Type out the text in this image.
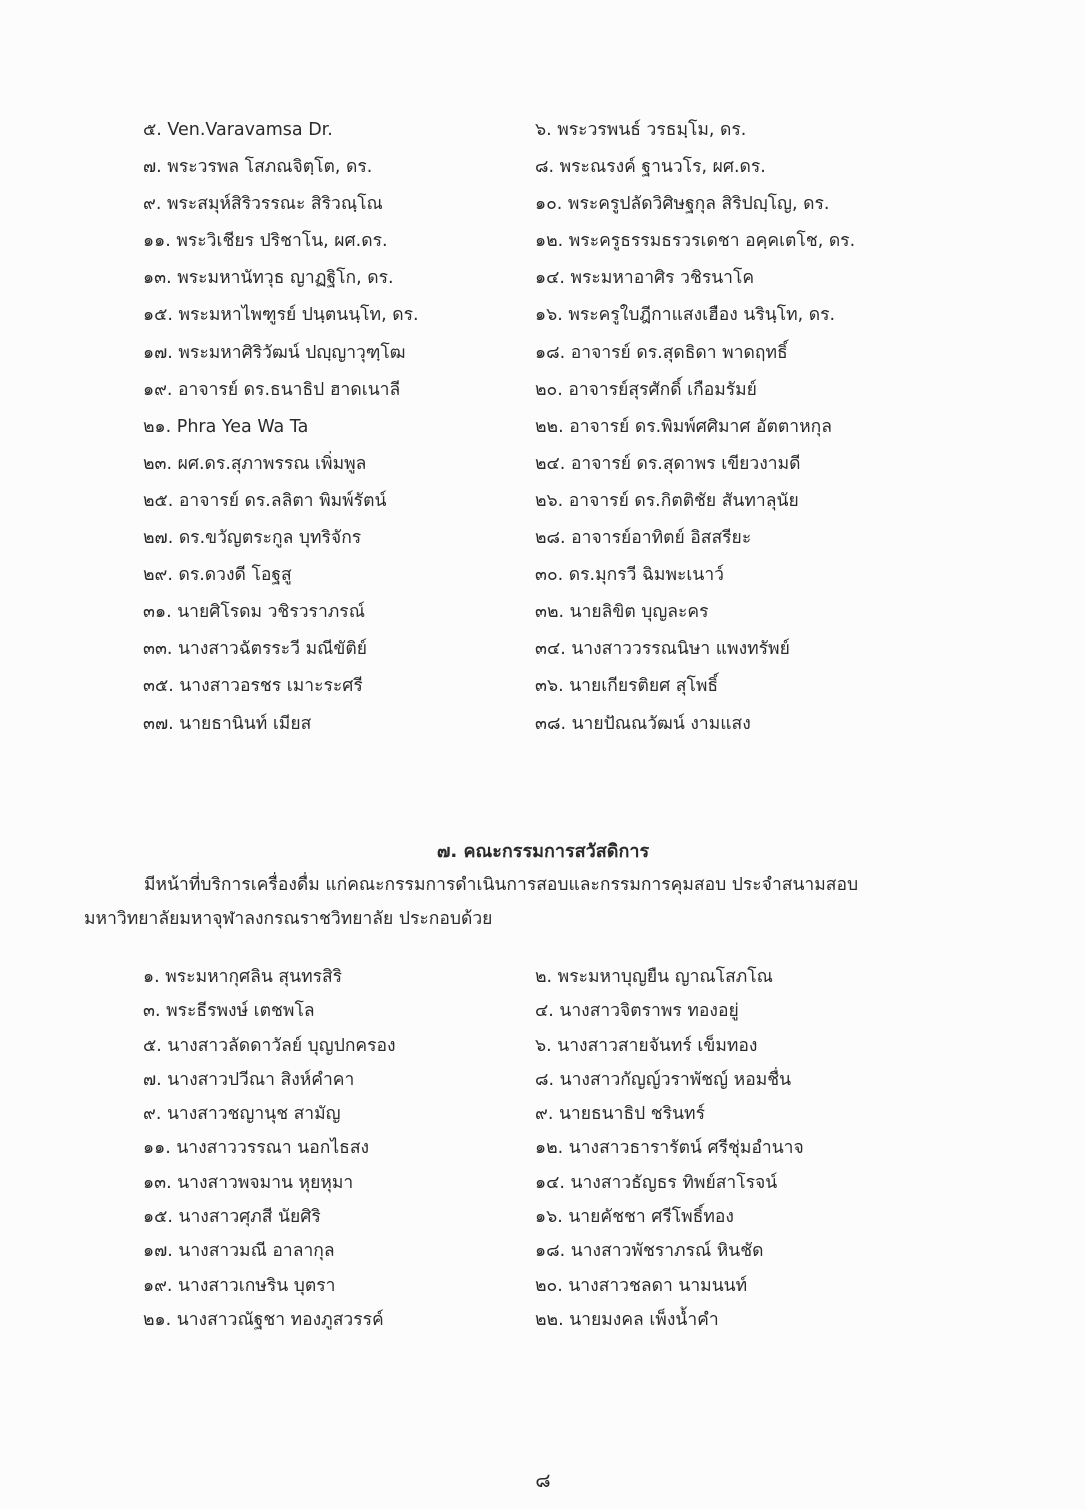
๕. Ven.Varavamsa Dr.	๖. พระวรพนธ์ วรธมฺโม, ดร.
๗. พระวรพล โสภณจิตฺโต, ดร.	๘. พระณรงค์ ฐานวโร, ผศ.ดร.
๙. พระสมุห์สิริวรรณะ สิริวณฺโณ	๑๐. พระครูปลัดวิศิษฐกุล สิริปญฺโญ, ดร.
๑๑. พระวิเชียร ปริชาโน, ผศ.ดร.	๑๒. พระครูธรรมธรวรเดชา อคฺคเตโช, ดร.
๑๓. พระมหานัทวุธ ญาฏฐิโก, ดร.	๑๔. พระมหาอาศิร วชิรนาโค
๑๕. พระมหาไพฑูรย์ ปนฺตนนฺโท, ดร.	๑๖. พระครูใบฎีกาแสงเฮือง นรินฺโท, ดร.
๑๗. พระมหาศิริวัฒน์ ปญฺญาวุฑฺโฒ	๑๘. อาจารย์ ดร.สุดธิดา พาดฤทธิ์
๑๙. อาจารย์ ดร.ธนาธิป ฮาดเนาลี	๒๐. อาจารย์สุรศักดิ์ เกือมรัมย์
๒๑. Phra Yea Wa Ta	๒๒. อาจารย์ ดร.พิมพ์ศศิมาศ อัตตาหกุล
๒๓. ผศ.ดร.สุภาพรรณ เพิ่มพูล	๒๔. อาจารย์ ดร.สุดาพร เขียวงามดี
๒๕. อาจารย์ ดร.ลลิตา พิมพ์รัตน์	๒๖. อาจารย์ ดร.กิตติชัย สันทาลุนัย
๒๗. ดร.ขวัญตระกูล บุทริจักร	๒๘. อาจารย์อาทิตย์ อิสสรียะ
๒๙. ดร.ดวงดี โอฐสู	๓๐. ดร.มุกรวี ฉิมพะเนาว์
๓๑. นายศิโรดม วชิรวราภรณ์	๓๒. นายลิขิต บุญละคร
๓๓. นางสาวฉัตรระวี มณีขัติย์	๓๔. นางสาววรรณนิษา แพงทรัพย์
๓๕. นางสาวอรชร เมาะระศรี	๓๖. นายเกียรติยศ สุโพธิ์
๓๗. นายธานินท์ เมียส	๓๘. นายปัณณวัฒน์ งามแสง
๗. คณะกรรมการสวัสดิการ
มีหน้าที่บริการเครื่องดื่ม แก่คณะกรรมการดำเนินการสอบและกรรมการคุมสอบ ประจำสนามสอบ
มหาวิทยาลัยมหาจุฬาลงกรณราชวิทยาลัย ประกอบด้วย
๑. พระมหากุศลิน สุนทรสิริ	๒. พระมหาบุญยืน ญาณโสภโณ
๓. พระธีรพงษ์ เตชพโล	๔. นางสาวจิตราพร ทองอยู่
๕. นางสาวลัดดาวัลย์ บุญปกครอง	๖. นางสาวสายจันทร์ เข็มทอง
๗. นางสาวปวีณา สิงห์คำคา	๘. นางสาวกัญญ์วราพัชญ์ หอมชื่น
๙. นางสาวชญานุช สามัญ	๙. นายธนาธิป ชรินทร์
๑๑. นางสาววรรณา นอกไธสง	๑๒. นางสาวธารารัตน์ ศรีชุ่มอำนาจ
๑๓. นางสาวพจมาน หุยหุมา	๑๔. นางสาวธัญธร ทิพย์สาโรจน์
๑๕. นางสาวศุภสี นัยศิริ	๑๖. นายคัชชา ศรีโพธิ์ทอง
๑๗. นางสาวมณี อาลากุล	๑๘. นางสาวพัชราภรณ์ หินชัด
๑๙. นางสาวเกษริน บุตรา	๒๐. นางสาวชลดา นามนนท์
๒๑. นางสาวณัฐชา ทองภูสวรรค์	๒๒. นายมงคล เพ็งน้ำคำ
๘
